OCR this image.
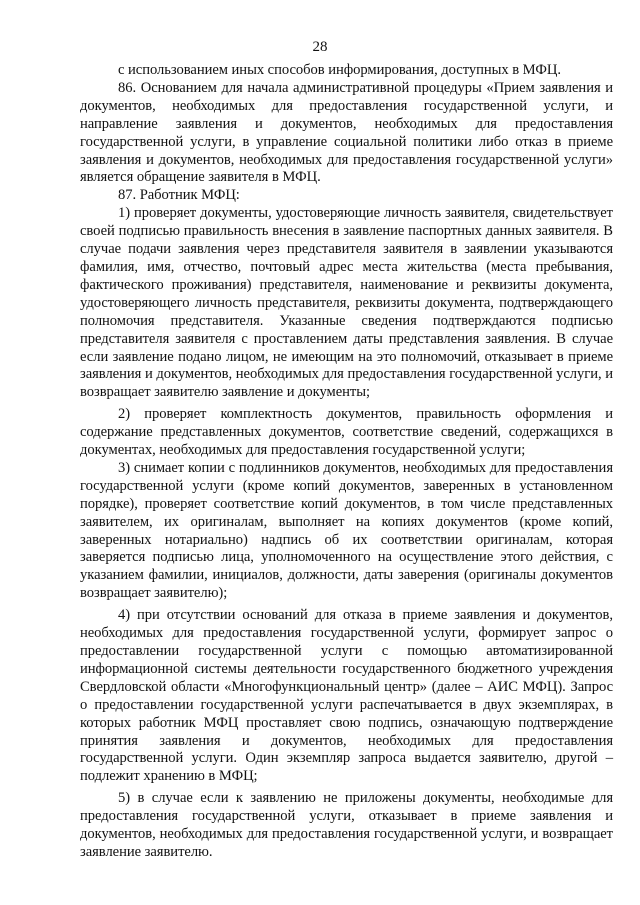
28

с использованием иных способов информирования, доступных в МФЦ.

86. Основанием для начала административной процедуры «Прием заявления и документов, необходимых для предоставления государственной услуги, и направление заявления и документов, необходимых для предоставления государственной услуги, в управление социальной политики либо отказ в приеме заявления и документов, необходимых для предоставления государственной услуги» является обращение заявителя в МФЦ.

87. Работник МФЦ:

1) проверяет документы, удостоверяющие личность заявителя, свидетельствует своей подписью правильность внесения в заявление паспортных данных заявителя. В случае подачи заявления через представителя заявителя в заявлении указываются фамилия, имя, отчество, почтовый адрес места жительства (места пребывания, фактического проживания) представителя, наименование и реквизиты документа, удостоверяющего личность представителя, реквизиты документа, подтверждающего полномочия представителя. Указанные сведения подтверждаются подписью представителя заявителя с проставлением даты представления заявления. В случае если заявление подано лицом, не имеющим на это полномочий, отказывает в приеме заявления и документов, необходимых для предоставления государственной услуги, и возвращает заявителю заявление и документы;

2) проверяет комплектность документов, правильность оформления и содержание представленных документов, соответствие сведений, содержащихся в документах, необходимых для предоставления государственной услуги;

3) снимает копии с подлинников документов, необходимых для предоставления государственной услуги (кроме копий документов, заверенных в установленном порядке), проверяет соответствие копий документов, в том числе представленных заявителем, их оригиналам, выполняет на копиях документов (кроме копий, заверенных нотариально) надпись об их соответствии оригиналам, которая заверяется подписью лица, уполномоченного на осуществление этого действия, с указанием фамилии, инициалов, должности, даты заверения (оригиналы документов возвращает заявителю);

4) при отсутствии оснований для отказа в приеме заявления и документов, необходимых для предоставления государственной услуги, формирует запрос о предоставлении государственной услуги с помощью автоматизированной информационной системы деятельности государственного бюджетного учреждения Свердловской области «Многофункциональный центр» (далее – АИС МФЦ). Запрос о предоставлении государственной услуги распечатывается в двух экземплярах, в которых работник МФЦ проставляет свою подпись, означающую подтверждение принятия заявления и документов, необходимых для предоставления государственной услуги. Один экземпляр запроса выдается заявителю, другой – подлежит хранению в МФЦ;

5) в случае если к заявлению не приложены документы, необходимые для предоставления государственной услуги, отказывает в приеме заявления и документов, необходимых для предоставления государственной услуги, и возвращает заявление заявителю.
